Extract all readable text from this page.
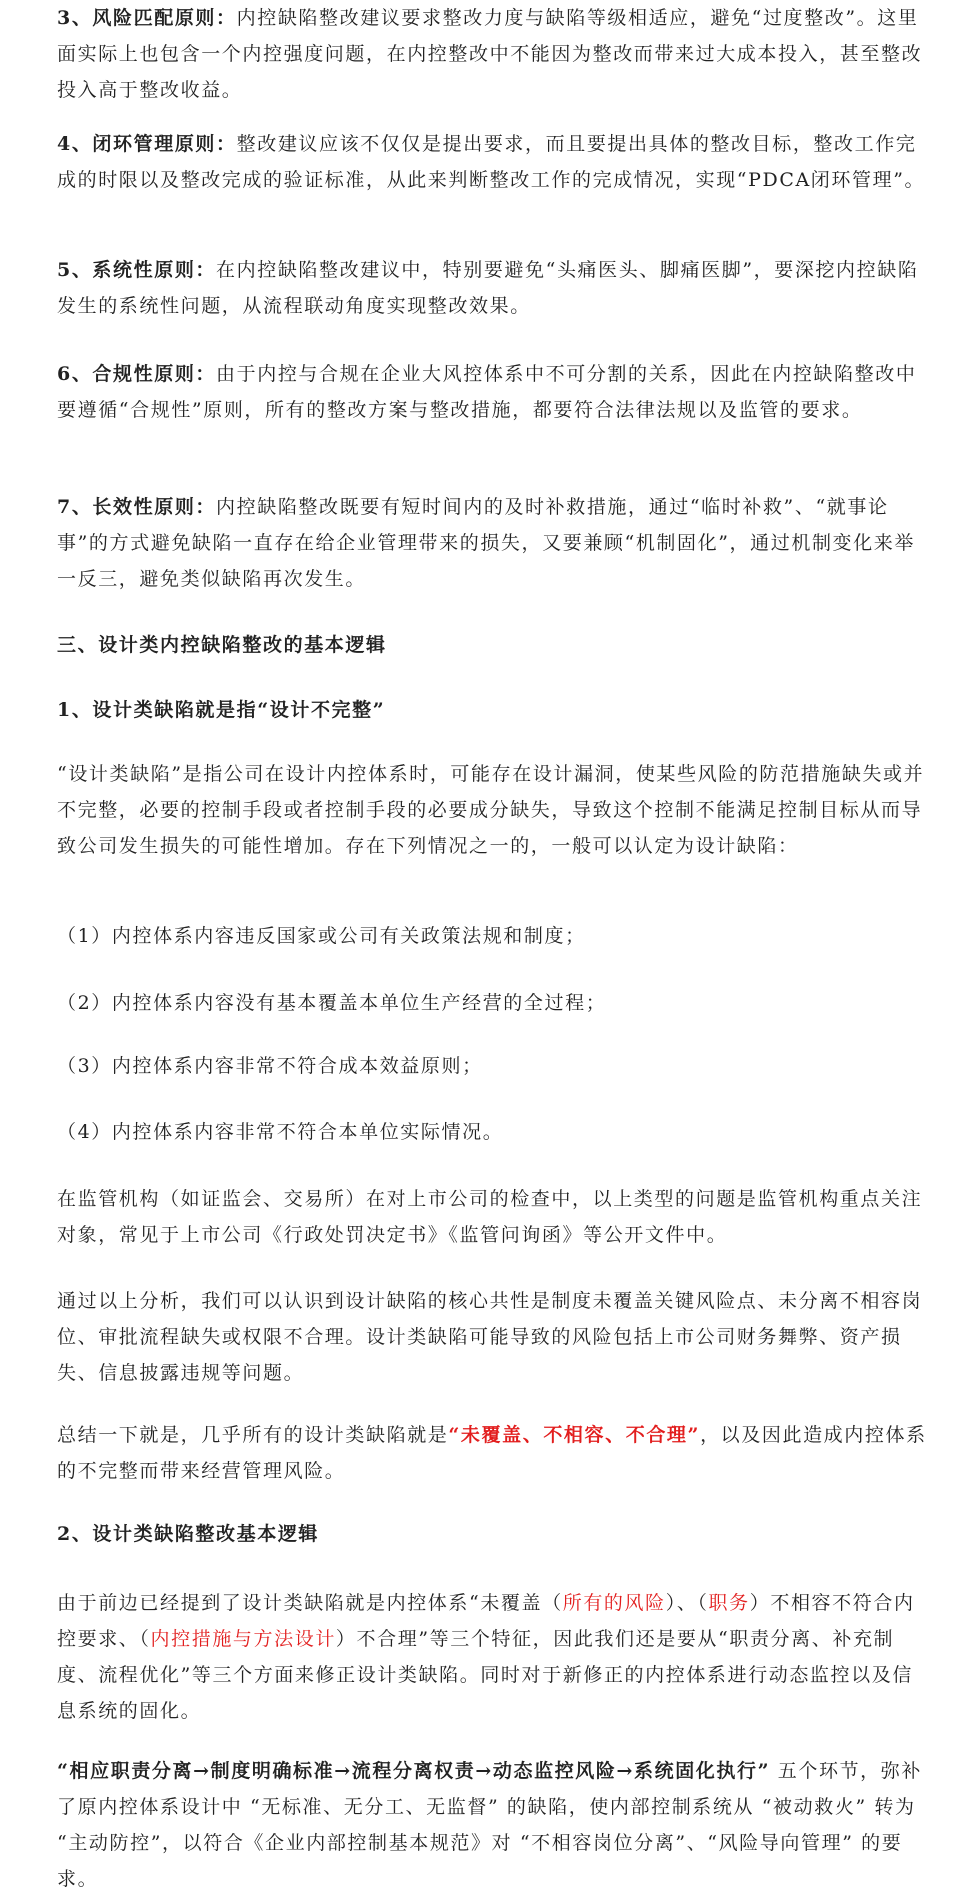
3、风险匹配原则：内控缺陷整改建议要求整改力度与缺陷等级相适应，避免“过度整改”。这里面实际上也包含一个内控强度问题，在内控整改中不能因为整改而带来过大成本投入，甚至整改投入高于整改收益。

4、闭环管理原则：整改建议应该不仅仅是提出要求，而且要提出具体的整改目标，整改工作完成的时限以及整改完成的验证标准，从此来判断整改工作的完成情况，实现“PDCA闭环管理”。

5、系统性原则：在内控缺陷整改建议中，特别要避免“头痛医头、脚痛医脚”，要深挖内控缺陷发生的系统性问题，从流程联动角度实现整改效果。

6、合规性原则：由于内控与合规在企业大风控体系中不可分割的关系，因此在内控缺陷整改中要遵循“合规性”原则，所有的整改方案与整改措施，都要符合法律法规以及监管的要求。

7、长效性原则：内控缺陷整改既要有短时间内的及时补救措施，通过“临时补救”、“就事论事”的方式避免缺陷一直存在给企业管理带来的损失，又要兼顾“机制固化”，通过机制变化来举一反三，避免类似缺陷再次发生。

三、设计类内控缺陷整改的基本逻辑

1、设计类缺陷就是指“设计不完整”

“设计类缺陷”是指公司在设计内控体系时，可能存在设计漏洞，使某些风险的防范措施缺失或并不完整，必要的控制手段或者控制手段的必要成分缺失，导致这个控制不能满足控制目标从而导致公司发生损失的可能性增加。存在下列情况之一的，一般可以认定为设计缺陷：

（1）内控体系内容违反国家或公司有关政策法规和制度；

（2）内控体系内容没有基本覆盖本单位生产经营的全过程；

（3）内控体系内容非常不符合成本效益原则；

（4）内控体系内容非常不符合本单位实际情况。

在监管机构（如证监会、交易所）在对上市公司的检查中，以上类型的问题是监管机构重点关注对象，常见于上市公司《行政处罚决定书》《监管问询函》等公开文件中。

通过以上分析，我们可以认识到设计缺陷的核心共性是制度未覆盖关键风险点、未分离不相容岗位、审批流程缺失或权限不合理。设计类缺陷可能导致的风险包括上市公司财务舞弊、资产损失、信息披露违规等问题。

总结一下就是，几乎所有的设计类缺陷就是“未覆盖、不相容、不合理”，以及因此造成内控体系的不完整而带来经营管理风险。

2、设计类缺陷整改基本逻辑

由于前边已经提到了设计类缺陷就是内控体系“未覆盖（所有的风险）、（职务）不相容不符合内控要求、（内控措施与方法设计）不合理”等三个特征，因此我们还是要从“职责分离、补充制度、流程优化”等三个方面来修正设计类缺陷。同时对于新修正的内控体系进行动态监控以及信息系统的固化。

“相应职责分离→制度明确标准→流程分离权责→动态监控风险→系统固化执行” 五个环节，弥补了原内控体系设计中 “无标准、无分工、无监督” 的缺陷，使内部控制系统从 “被动救火” 转为 “主动防控”，以符合《企业内部控制基本规范》对 “不相容岗位分离”、“风险导向管理” 的要求。
